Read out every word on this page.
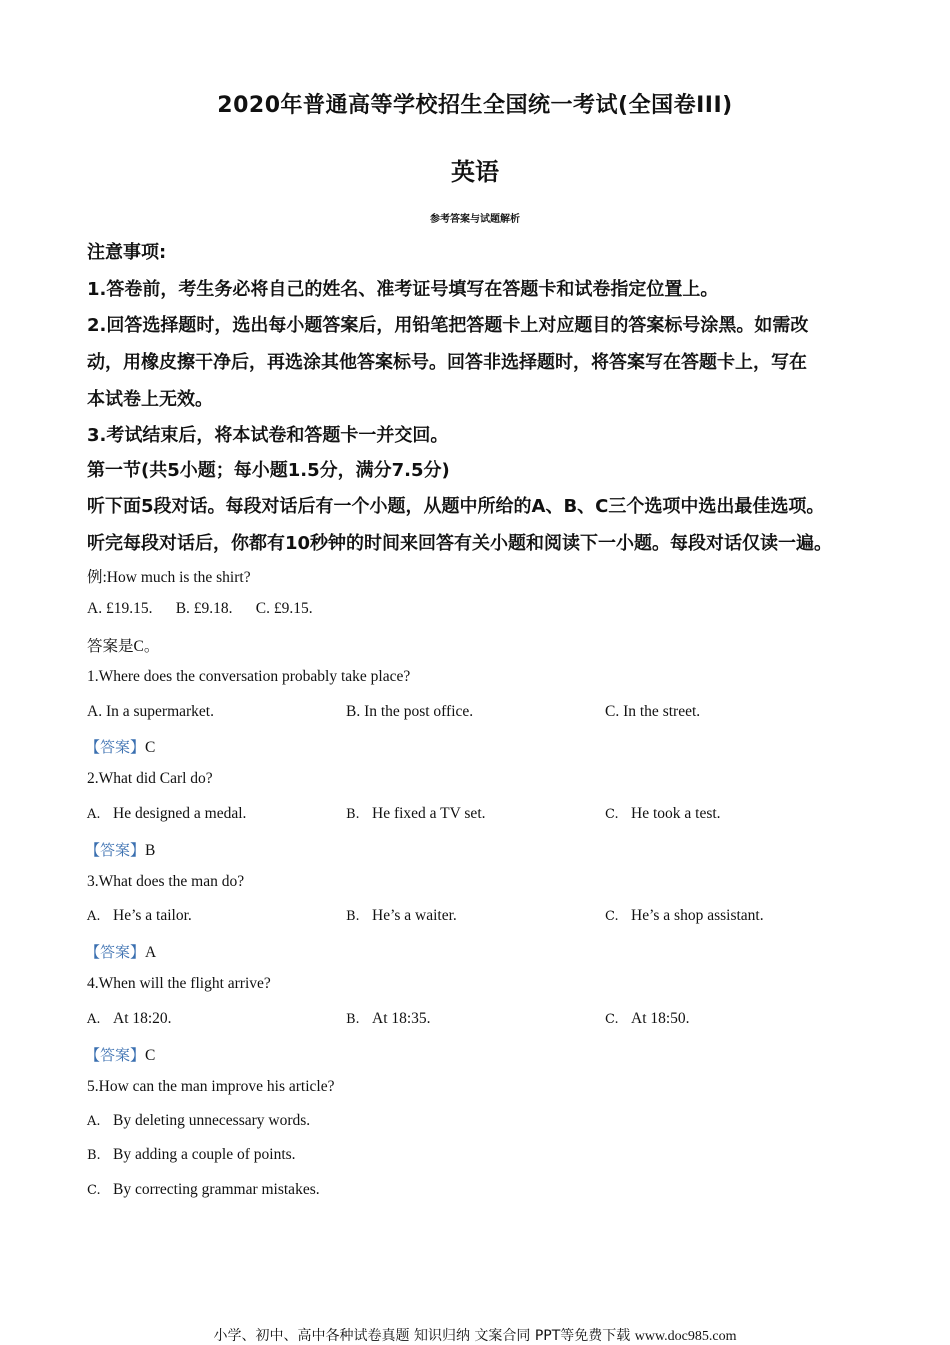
2020年普通高等学校招生全国统一考试(全国卷III)
英语
参考答案与试题解析
注意事项:
1.答卷前，考生务必将自己的姓名、准考证号填写在答题卡和试卷指定位置上。
2.回答选择题时，选出每小题答案后，用铅笔把答题卡上对应题目的答案标号涂黑。如需改
动，用橡皮擦干净后，再选涂其他答案标号。回答非选择题时，将答案写在答题卡上，写在
本试卷上无效。
3.考试结束后，将本试卷和答题卡一并交回。
第一节(共5小题；每小题1.5分，满分7.5分)
听下面5段对话。每段对话后有一个小题，从题中所给的A、B、C三个选项中选出最佳选项。
听完每段对话后，你都有10秒钟的时间来回答有关小题和阅读下一小题。每段对话仅读一遍。
例:How much is the shirt?
A. £19.15.      B. £9.18.      C. £9.15.
答案是C。
1.Where does the conversation probably take place?
A. In a supermarket.	B. In the post office.	C. In the street.
【答案】C
2.What did Carl do?
A. He designed a medal.	B. He fixed a TV set.	C. He took a test.
【答案】B
3.What does the man do?
A. He’s a tailor.	B. He’s a waiter.	C. He’s a shop assistant.
【答案】A
4.When will the flight arrive?
A. At 18:20.	B. At 18:35.	C. At 18:50.
【答案】C
5.How can the man improve his article?
A. By deleting unnecessary words.
B. By adding a couple of points.
C. By correcting grammar mistakes.
小学、初中、高中各种试卷真题 知识归纳 文案合同 PPT等免费下载 www.doc985.com
